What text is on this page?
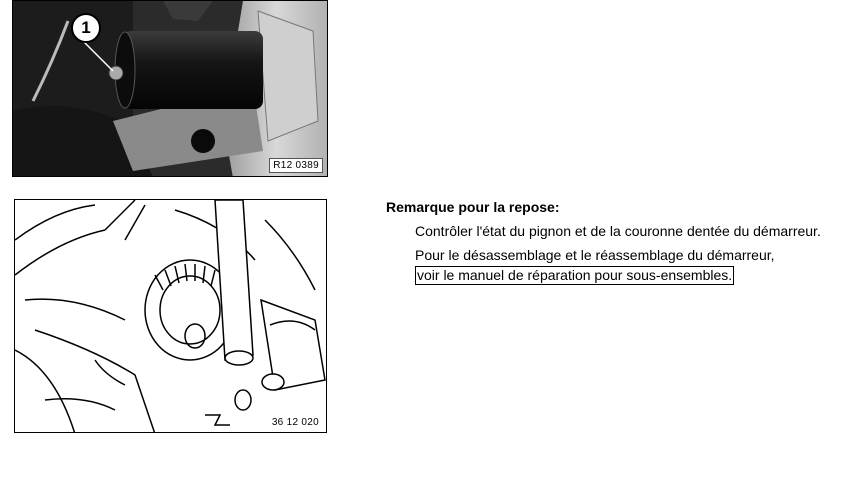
1
R12 0389
36 12 020
Remarque pour la repose:
Contrôler l'état du pignon et de la couronne dentée du démarreur.
Pour le désassemblage et le réassemblage du démarreur,
voir le manuel de réparation pour sous-ensembles.
